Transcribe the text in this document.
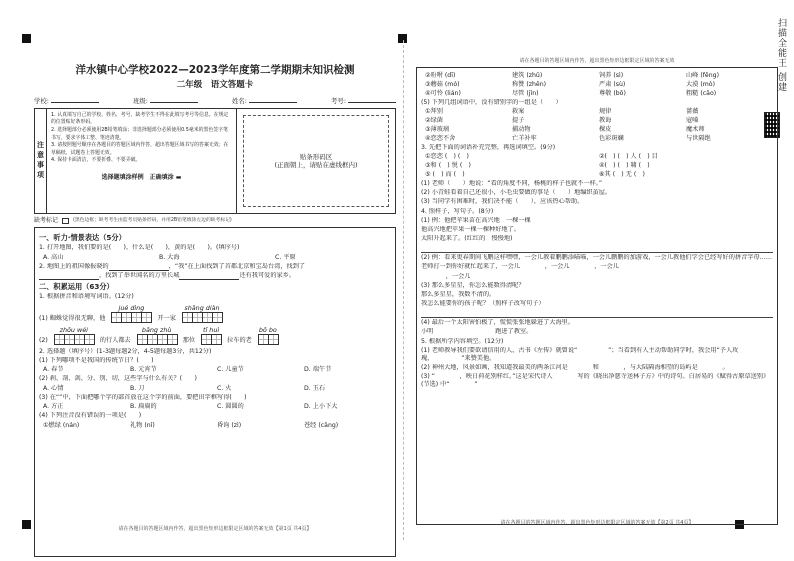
扫描全能王 创建
洋水镇中心学校2022—2023学年度第二学期期末知识检测
二年级　语文答题卡
学校:	班级:	姓名:	考号:
注
意
事
项
1. 认真填写自己的学校、姓名、考号，缺考学生不得在此填写考号等信息。在规定的位置贴好条形码。
2. 选择题部分必须使用2B铅笔填涂；非选择题部分必须使用0.5毫米的黑色签字笔书写，要求字体工整、笔迹清楚。
3. 请按照题号顺序在各题目的答题区域内作答，超出答题区域书写的答案无效；在草稿纸、试题卷上答题无效。
4. 保持卡面清洁，不要折叠、不要弄破。
选择题填涂样例　正确填涂 ▬
贴条形码区
(正面朝上，请贴在虚线框内)
缺考标记	(黑色边框；缺考考生由监考员贴条形码，并用2B铅笔填涂左边的缺考标记)
一、听力·情景表达（5分）
1. 打开地图，我们要的是(　　)，什么是(　　)，黄的是(　　)。(填序号)
A. 高山	B. 大海	C. 平原
2. 地图上的祖国像报晓的	，“我”在上面找到了首都北京和宝岛台湾，找到了
，找到了举世闻名的万里长城	还有我可爱的家乡。
二、积累运用（63分）
1. 根据拼音和语境写词语。(12分)
(1) 蜘蛛觉得很无聊，他
jué dìng
开一家
shāng diàn
(2)
zhōu wéi
的行人都去
bāng zhù
那位
tǐ huì
拉车的老
bō bo
2. 选择题（填序号）(1-3题每题2分，4-5题每题3分，共12分)
(1) 下列哪项不是我国的传统节日？(　　)
A. 春节	B. 元宵节	C. 儿童节	D. 端午节
(2) 刹、剖、剑、分、别、切，这些字与什么有关？(　　)
A. 心情	B. 刀	C. 火	D. 玉石
(3) 在“”中，下面把哪个字的部首放在这个字的前面，要把田字框写得(　　)
A. 方正	B. 扁扁的	C. 圆圆的	D. 上小下大
(4) 下列注音没有错误的一项是(　　)
①燃绿 (nán)	礼物 (nǐ)	昏询 (zì)	苍经 (cāng)
请在各题目的答题区域内作答，超出黑色矩形边框限定区域的答案无效【第1页 共4页】
请在各题目的答题区域内作答，超出黑色矩形边框限定区域的答案无效
②吩咐 (dī)	建筑 (zhǔ)	饲养 (sì)	山峰 (fēng)
③蘑菇 (mó)	称赞 (zhēn)	严肃 (sù)	大漠 (mò)
④可怜 (lián)	尽管 (jǐn)	尊敬 (bō)	粗糙 (cāo)
(5) 下列几组词语中，没有错别字的一组是（　　）
①拜别	救案	规律	蔷薇
②绿菌	提子	教诲	寇嗓
③薄玻璃	捕动物	棵皮	魔术师
④恋恋不舍	亡羊补牢	色彩斑斓	与世隔绝
3. 先把下面的词语补充完整，再选词填空。(9分)
①恋恋 (　) (　)	②(　) (　) 人 (　) 目
③和 (　) 悦 (　)	④(　) (　) 啸 (　)
⑤ (　) 而 (　)	⑥其 (　) 无 (　)
(1) 老师（　　）地说：“看的角度不同，杨桃的样子也就不一样。”
(2) 小青蛙看着自己还很小，小毛虫要做的事是（　　）地编织茧屋。
(3) 当同学有困难时，我们决不能（　　），应该热心帮助。
4. 照样子，写句子。(8分)
(1) 例：他把苹果苗在高兴地　一棵一棵
他高兴地把苹果一棵一棵种好地了。
太阳升起来了。(红红的　慢慢地)
(2) 例：看来更春期间飞鹏这样嘿嘿，一会儿教着鹏鹏添喵喵，一会儿鹏鹏的加游戏，一会儿教他们学会已经写好的拼音字母……
老师打一到你好就忙起来了，一会儿　　　　，一会儿　　　　，一会儿
　　　　，一会儿
(3) 那么多星星，你怎么能数得清呢？
那么多星星，我数不清的。
我怎么能要你的孩子呢？（照样子改写句子）
(4) 最后一个太阳害怕极了，慌慌张张地躲进了大海里。
小明　　　　　　　　　　跑进了教室。
5. 根据所学内容填空。(12分)
(1) 老师教导我们要欲请信用的人，古书《左传》就曾说“　　　　　”；当看到有人主动帮助同学时，我会用“予人玫瑰，　　　　　”来赞美他。
(2) 神州大地，风景如画，我知道我最美的两条江河是　　　　和　　　　，与大陆隔海相望的岛屿是　　　　。
(3) “　　　　，映日荷花别样红。”这是宋代诗人　　　　写的《晓出净慈寺送林子方》中的诗句。白居易的《赋得古原草送别》(节选) 中“　　　　”
请在各题目的答题区域内作答，超出黑色矩形边框限定区域的答案无效【第2页 共4页】
